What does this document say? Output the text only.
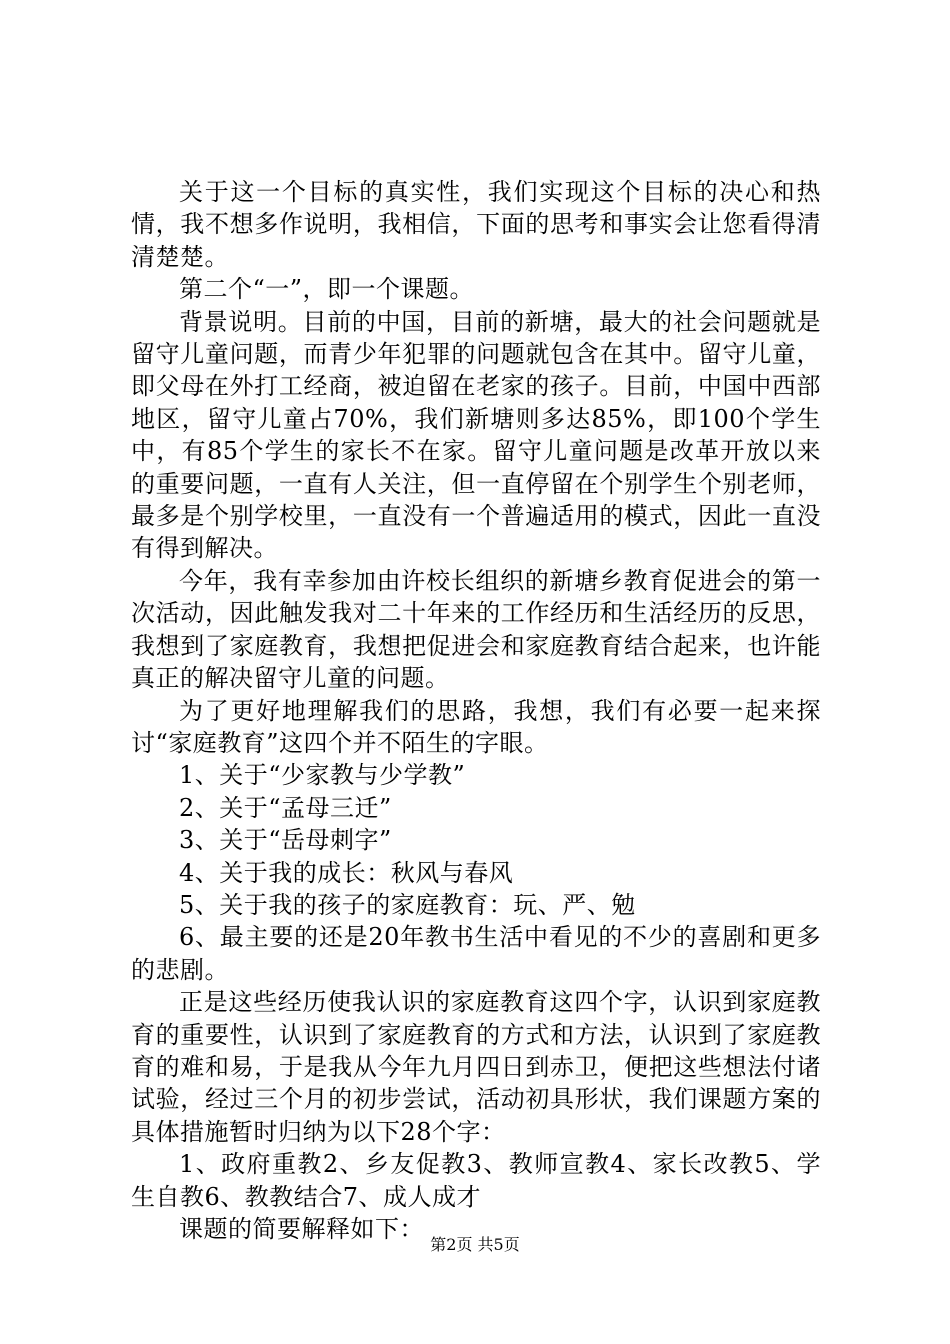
关于这一个目标的真实性，我们实现这个目标的决心和热情，我不想多作说明，我相信，下面的思考和事实会让您看得清清楚楚。

第二个“一”，即一个课题。

背景说明。目前的中国，目前的新塘，最大的社会问题就是留守儿童问题，而青少年犯罪的问题就包含在其中。留守儿童，即父母在外打工经商，被迫留在老家的孩子。目前，中国中西部地区，留守儿童占70%，我们新塘则多达85%，即100个学生中，有85个学生的家长不在家。留守儿童问题是改革开放以来的重要问题，一直有人关注，但一直停留在个别学生个别老师，最多是个别学校里，一直没有一个普遍适用的模式，因此一直没有得到解决。

今年，我有幸参加由许校长组织的新塘乡教育促进会的第一次活动，因此触发我对二十年来的工作经历和生活经历的反思，我想到了家庭教育，我想把促进会和家庭教育结合起来，也许能真正的解决留守儿童的问题。

为了更好地理解我们的思路，我想，我们有必要一起来探讨“家庭教育”这四个并不陌生的字眼。

1、关于“少家教与少学教”

2、关于“孟母三迁”

3、关于“岳母刺字”

4、关于我的成长：秋风与春风

5、关于我的孩子的家庭教育：玩、严、勉

6、最主要的还是20年教书生活中看见的不少的喜剧和更多的悲剧。

正是这些经历使我认识的家庭教育这四个字，认识到家庭教育的重要性，认识到了家庭教育的方式和方法，认识到了家庭教育的难和易，于是我从今年九月四日到赤卫，便把这些想法付诸试验，经过三个月的初步尝试，活动初具形状，我们课题方案的具体措施暂时归纳为以下28个字：

1、政府重教2、乡友促教3、教师宣教4、家长改教5、学生自教6、教教结合7、成人成才

课题的简要解释如下：

第2页 共5页
